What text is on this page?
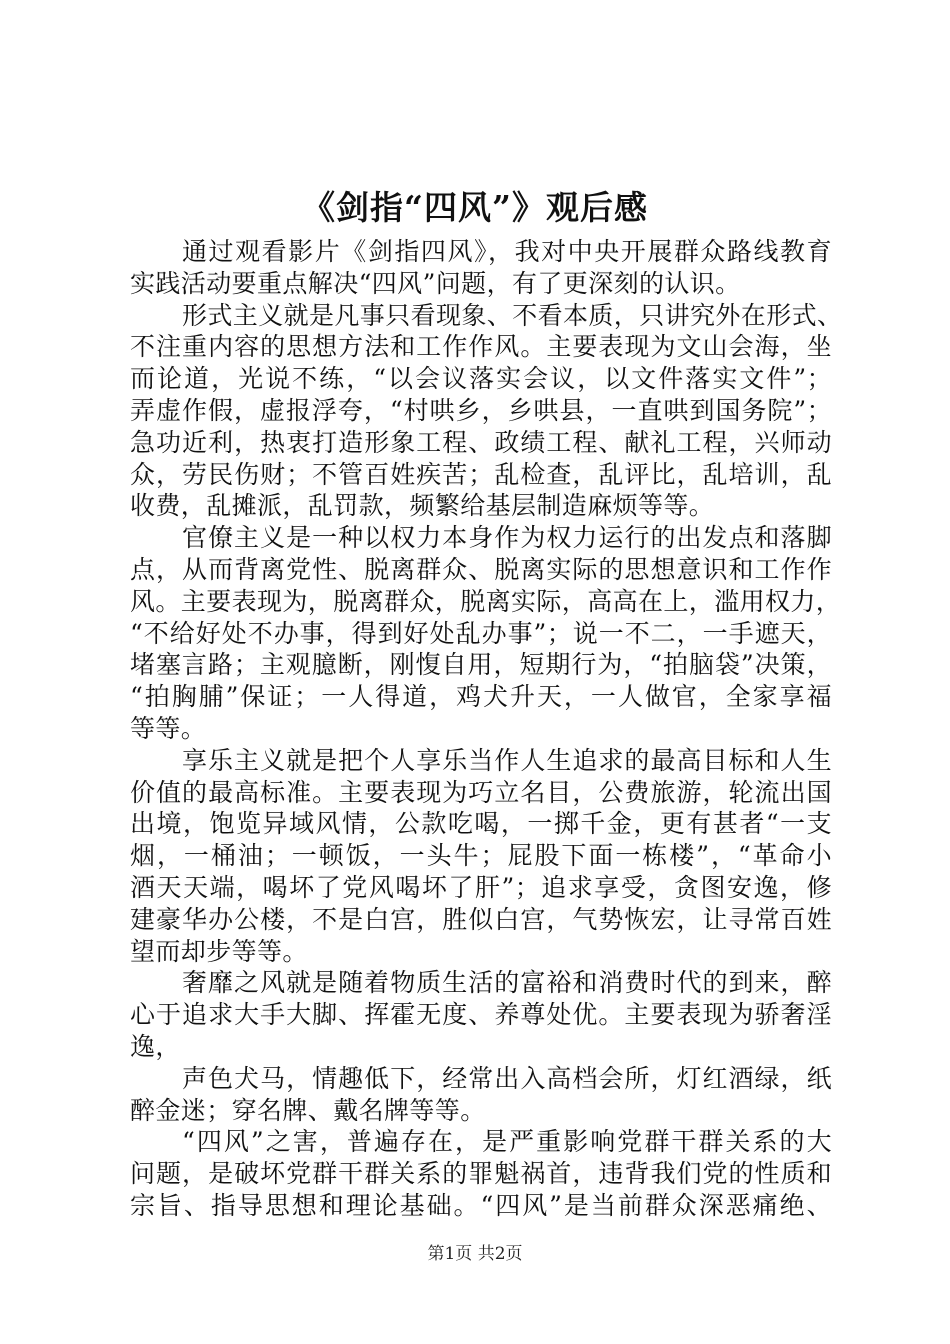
《剑指“四风”》观后感
通过观看影片《剑指四风》，我对中央开展群众路线教育
实践活动要重点解决“四风”问题，有了更深刻的认识。
形式主义就是凡事只看现象、不看本质，只讲究外在形式、
不注重内容的思想方法和工作作风。主要表现为文山会海，坐
而论道，光说不练，“以会议落实会议，以文件落实文件”；
弄虚作假，虚报浮夸，“村哄乡，乡哄县，一直哄到国务院”；
急功近利，热衷打造形象工程、政绩工程、献礼工程，兴师动
众，劳民伤财；不管百姓疾苦；乱检查，乱评比，乱培训，乱
收费，乱摊派，乱罚款，频繁给基层制造麻烦等等。
官僚主义是一种以权力本身作为权力运行的出发点和落脚
点，从而背离党性、脱离群众、脱离实际的思想意识和工作作
风。主要表现为，脱离群众，脱离实际，高高在上，滥用权力，
“不给好处不办事，得到好处乱办事”；说一不二，一手遮天，
堵塞言路；主观臆断，刚愎自用，短期行为，“拍脑袋”决策，
“拍胸脯”保证；一人得道，鸡犬升天，一人做官，全家享福
等等。
享乐主义就是把个人享乐当作人生追求的最高目标和人生
价值的最高标准。主要表现为巧立名目，公费旅游，轮流出国
出境，饱览异域风情，公款吃喝，一掷千金，更有甚者“一支
烟，一桶油；一顿饭，一头牛；屁股下面一栋楼”，“革命小
酒天天端，喝坏了党风喝坏了肝”；追求享受，贪图安逸，修
建豪华办公楼，不是白宫，胜似白宫，气势恢宏，让寻常百姓
望而却步等等。
奢靡之风就是随着物质生活的富裕和消费时代的到来，醉
心于追求大手大脚、挥霍无度、养尊处优。主要表现为骄奢淫
逸，
声色犬马，情趣低下，经常出入高档会所，灯红酒绿，纸
醉金迷；穿名牌、戴名牌等等。
“四风”之害，普遍存在，是严重影响党群干群关系的大
问题，是破坏党群干群关系的罪魁祸首，违背我们党的性质和
宗旨、指导思想和理论基础。“四风”是当前群众深恶痛绝、
第1页 共2页
